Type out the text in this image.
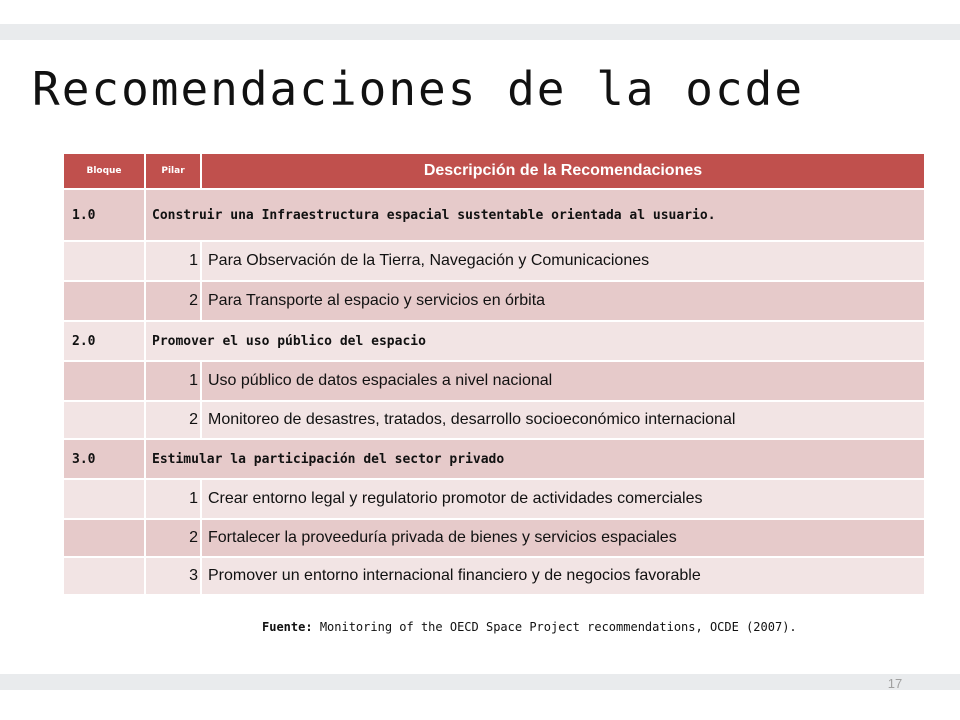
Recomendaciones de la ocde
Bloque	Pilar	Descripción de la Recomendaciones
1.0	Construir una Infraestructura espacial sustentable orientada al usuario.	
	1	Para Observación de la Tierra, Navegación y Comunicaciones
	2	Para Transporte al espacio y servicios en órbita
2.0	Promover el uso público del espacio	
	1	Uso público de datos espaciales a nivel nacional
	2	Monitoreo de desastres, tratados, desarrollo socioeconómico internacional
3.0	Estimular la participación del sector privado	
	1	Crear entorno legal y regulatorio promotor de actividades comerciales
	2	Fortalecer la proveeduría privada de bienes y servicios espaciales
	3	Promover un entorno internacional financiero y de negocios favorable
Fuente: Monitoring of the OECD Space Project recommendations, OCDE (2007).
17
